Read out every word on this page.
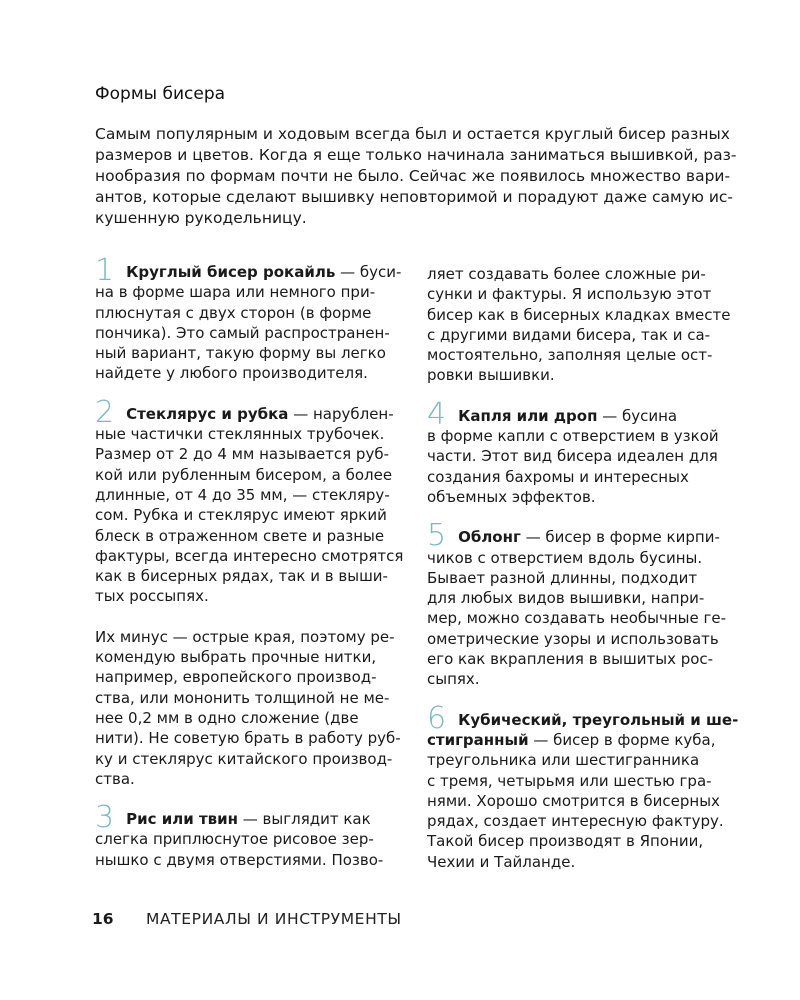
Формы бисера
Самым популярным и ходовым всегда был и остается круглый бисер разных
размеров и цветов. Когда я еще только начинала заниматься вышивкой, раз-
нообразия по формам почти не было. Сейчас же появилось множество вари-
антов, которые сделают вышивку неповторимой и порадуют даже самую ис-
кушенную рукодельницу.
1 Круглый бисер рокайль — буси-
на в форме шара или немного при-
плюснутая с двух сторон (в форме
пончика). Это самый распространен-
ный вариант, такую форму вы легко
найдете у любого производителя.
2 Стеклярус и рубка — нарублен-
ные частички стеклянных трубочек.
Размер от 2 до 4 мм называется руб-
кой или рубленным бисером, а более
длинные, от 4 до 35 мм, — стекляру-
сом. Рубка и стеклярус имеют яркий
блеск в отраженном свете и разные
фактуры, всегда интересно смотрятся
как в бисерных рядах, так и в выши-
тых россыпях.
Их минус — острые края, поэтому ре-
комендую выбрать прочные нитки,
например, европейского производ-
ства, или мононить толщиной не ме-
нее 0,2 мм в одно сложение (две
нити). Не советую брать в работу руб-
ку и стеклярус китайского производ-
ства.
3 Рис или твин — выглядит как
слегка приплюснутое рисовое зер-
нышко с двумя отверстиями. Позво-
ляет создавать более сложные ри-
сунки и фактуры. Я использую этот
бисер как в бисерных кладках вместе
с другими видами бисера, так и са-
мостоятельно, заполняя целые ост-
ровки вышивки.
4 Капля или дроп — бусина
в форме капли с отверстием в узкой
части. Этот вид бисера идеален для
создания бахромы и интересных
объемных эффектов.
5 Облонг — бисер в форме кирпи-
чиков с отверстием вдоль бусины.
Бывает разной длинны, подходит
для любых видов вышивки, напри-
мер, можно создавать необычные ге-
ометрические узоры и использовать
его как вкрапления в вышитых рос-
сыпях.
6 Кубический, треугольный и ше-
стигранный — бисер в форме куба,
треугольника или шестигранника
с тремя, четырьмя или шестью гра-
нями. Хорошо смотрится в бисерных
рядах, создает интересную фактуру.
Такой бисер производят в Японии,
Чехии и Тайланде.
16 МАТЕРИАЛЫ И ИНСТРУМЕНТЫ
